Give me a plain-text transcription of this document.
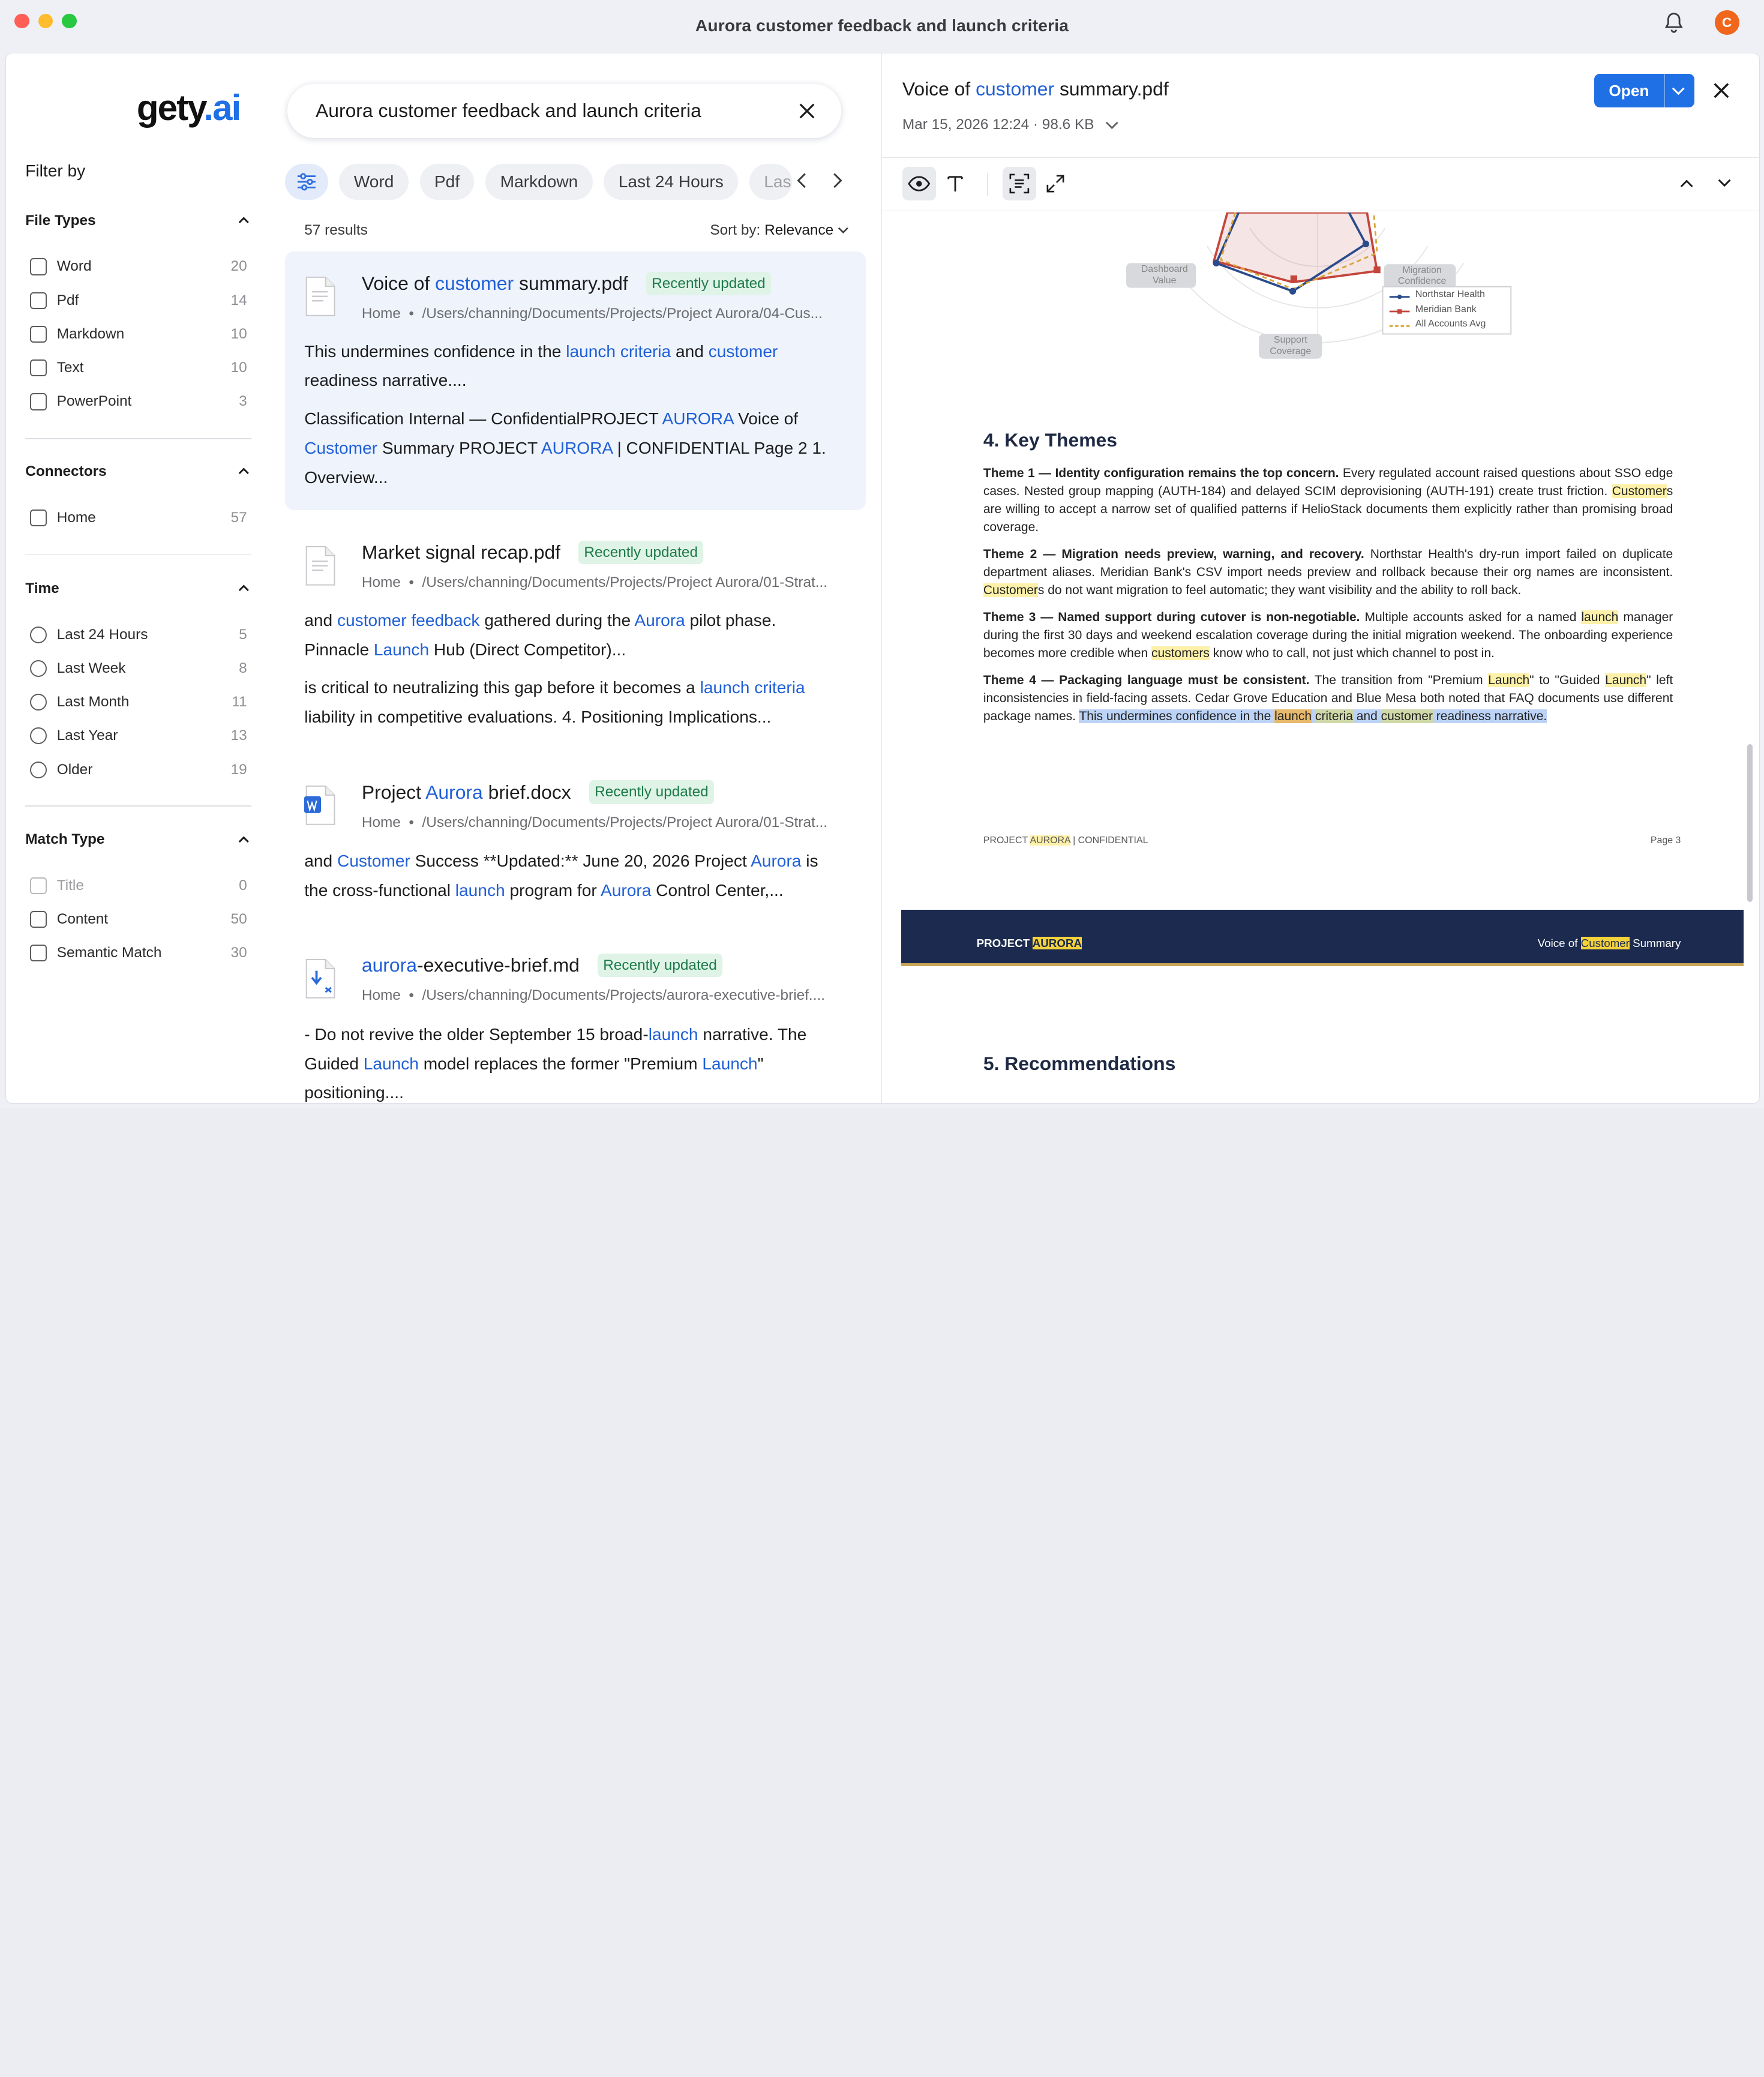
Aurora customer feedback and launch criteria	C
gety.ai
Filter by
File Types
Word	20
Pdf	14
Markdown	10
Text	10
PowerPoint	3
Connectors
Home	57
Time
Last 24 Hours	5
Last Week	8
Last Month	11
Last Year	13
Older	19
Match Type
Title	0
Content	50
Semantic Match	30
Aurora customer feedback and launch criteria
Word	Pdf	Markdown	Last 24 Hours	Las
57 results	Sort by: Relevance
Voice of customer summary.pdf	Recently updated
Home  •  /Users/channing/Documents/Projects/Project Aurora/04-Cus...
This undermines confidence in the launch criteria and customer readiness narrative....
Classification Internal — ConfidentialPROJECT AURORA Voice of Customer Summary PROJECT AURORA | CONFIDENTIAL Page 2 1. Overview...
Market signal recap.pdf	Recently updated
Home  •  /Users/channing/Documents/Projects/Project Aurora/01-Strat...
and customer feedback gathered during the Aurora pilot phase. Pinnacle Launch Hub (Direct Competitor)...
is critical to neutralizing this gap before it becomes a launch criteria liability in competitive evaluations. 4. Positioning Implications...
Project Aurora brief.docx	Recently updated
Home  •  /Users/channing/Documents/Projects/Project Aurora/01-Strat...
and Customer Success **Updated:** June 20, 2026 Project Aurora is the cross-functional launch program for Aurora Control Center,...
aurora-executive-brief.md	Recently updated
Home  •  /Users/channing/Documents/Projects/aurora-executive-brief....
- Do not revive the older September 15 broad-launch narrative. The Guided Launch model replaces the former "Premium Launch" positioning....
Voice of customer summary.pdf
Mar 15, 2026 12:24 · 98.6 KB
Open
Dashboard Value
Migration Confidence
Support Coverage
Northstar Health
Meridian Bank
All Accounts Avg
4. Key Themes
Theme 1 — Identity configuration remains the top concern. Every regulated account raised questions about SSO edge cases. Nested group mapping (AUTH-184) and delayed SCIM deprovisioning (AUTH-191) create trust friction. Customers are willing to accept a narrow set of qualified patterns if HelioStack documents them explicitly rather than promising broad coverage.
Theme 2 — Migration needs preview, warning, and recovery. Northstar Health's dry-run import failed on duplicate department aliases. Meridian Bank's CSV import needs preview and rollback because their org names are inconsistent. Customers do not want migration to feel automatic; they want visibility and the ability to roll back.
Theme 3 — Named support during cutover is non-negotiable. Multiple accounts asked for a named launch manager during the first 30 days and weekend escalation coverage during the initial migration weekend. The onboarding experience becomes more credible when customers know who to call, not just which channel to post in.
Theme 4 — Packaging language must be consistent. The transition from "Premium Launch" to "Guided Launch" left inconsistencies in field-facing assets. Cedar Grove Education and Blue Mesa both noted that FAQ documents use different package names. This undermines confidence in the launch criteria and customer readiness narrative.
PROJECT AURORA | CONFIDENTIAL	Page 3
PROJECT AURORA	Voice of Customer Summary
5. Recommendations
